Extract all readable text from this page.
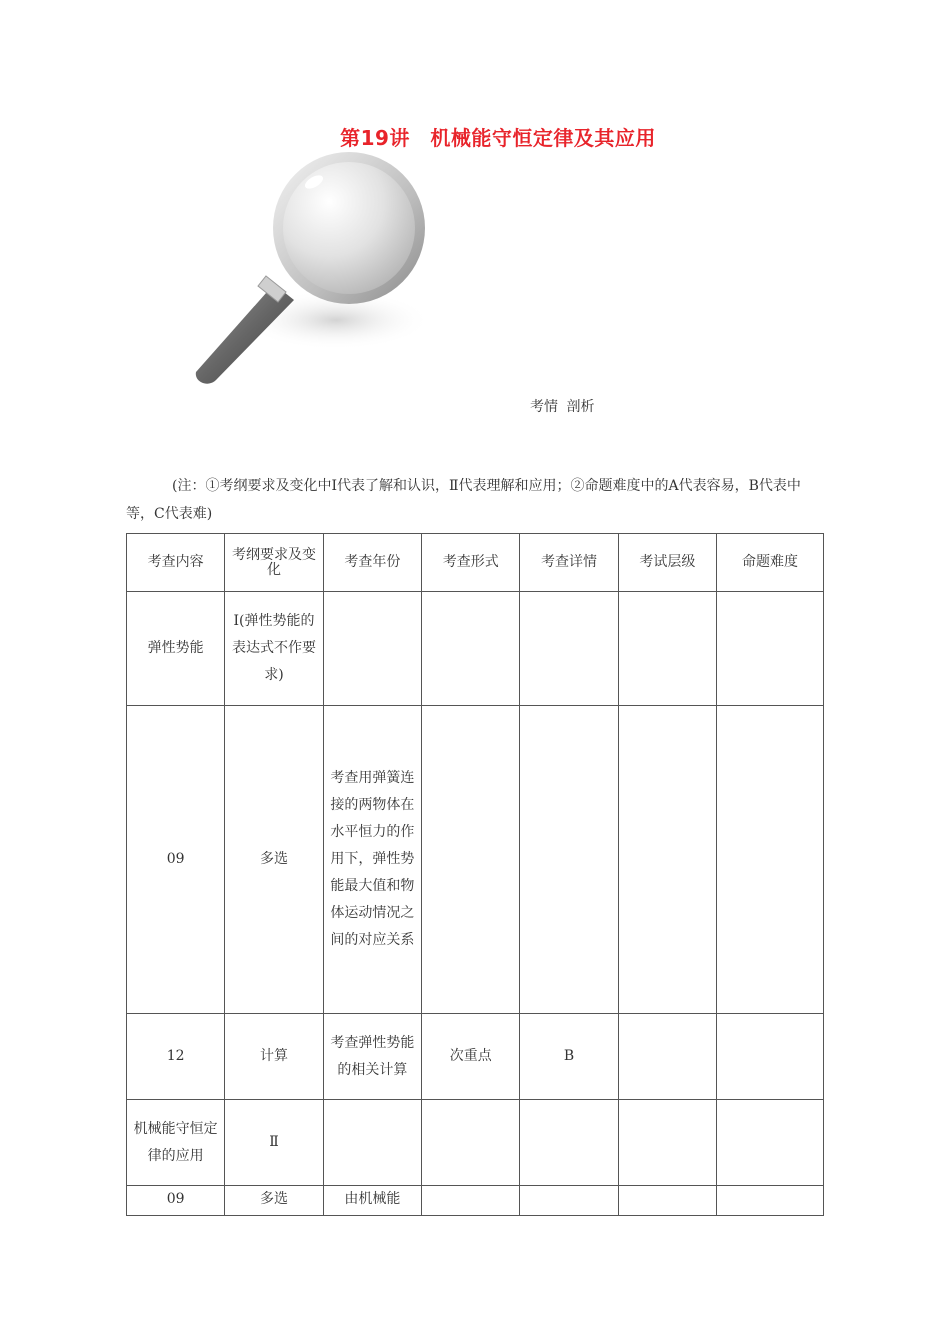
第19讲　机械能守恒定律及其应用
考情 剖析
(注：①考纲要求及变化中Ⅰ代表了解和认识，Ⅱ代表理解和应用；②命题难度中的A代表容易，B代表中等，C代表难)
考查内容	考纲要求及变化	考查年份	考查形式	考查详情	考试层级	命题难度
弹性势能	Ⅰ(弹性势能的表达式不作要求)					
09	多选	考查用弹簧连接的两物体在水平恒力的作用下，弹性势能最大值和物体运动情况之间的对应关系				
12	计算	考查弹性势能的相关计算	次重点	B		
机械能守恒定律的应用	Ⅱ					
09	多选	由机械能				
